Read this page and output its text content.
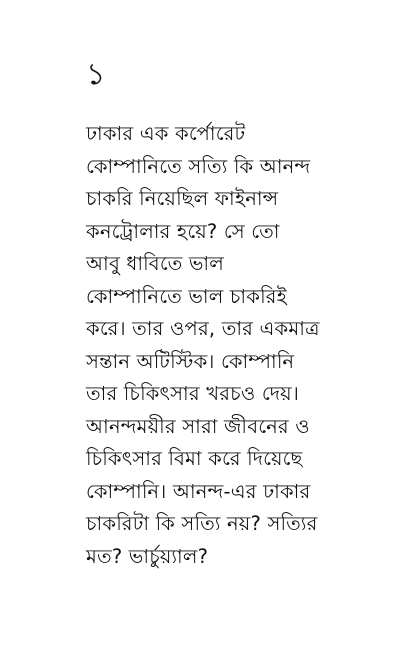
১
ঢাকার এক কর্পোরেট
কোম্পানিতে সত্যি কি আনন্দ
চাকরি নিয়েছিল ফাইনান্স
কনট্রোলার হয়ে? সে তো
আবু ধাবিতে ভাল
কোম্পানিতে ভাল চাকরিই
করে। তার ওপর, তার একমাত্র
সন্তান অটিস্টিক। কোম্পানি
তার চিকিৎসার খরচও দেয়।
আনন্দময়ীর সারা জীবনের ও
চিকিৎসার বিমা করে দিয়েছে
কোম্পানি। আনন্দ-এর ঢাকার
চাকরিটা কি সত্যি নয়? সত্যির
মত? ভার্চুয়্যাল?
